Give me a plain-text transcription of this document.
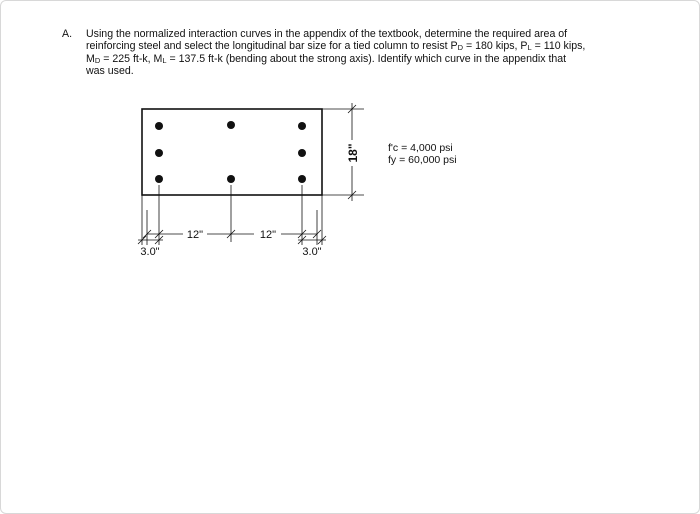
A. Using the normalized interaction curves in the appendix of the textbook, determine the required area of
reinforcing steel and select the longitudinal bar size for a tied column to resist $P_D = 180$ kips, $P_L = 110$ kips,
$M_D = 225$ ft-k, $M_L = 137.5$ ft-k (bending about the strong axis). Identify which curve in the appendix that
was used.
18"
12"	12"
3.0"	3.0"
f'c = 4,000 psi
fy = 60,000 psi
